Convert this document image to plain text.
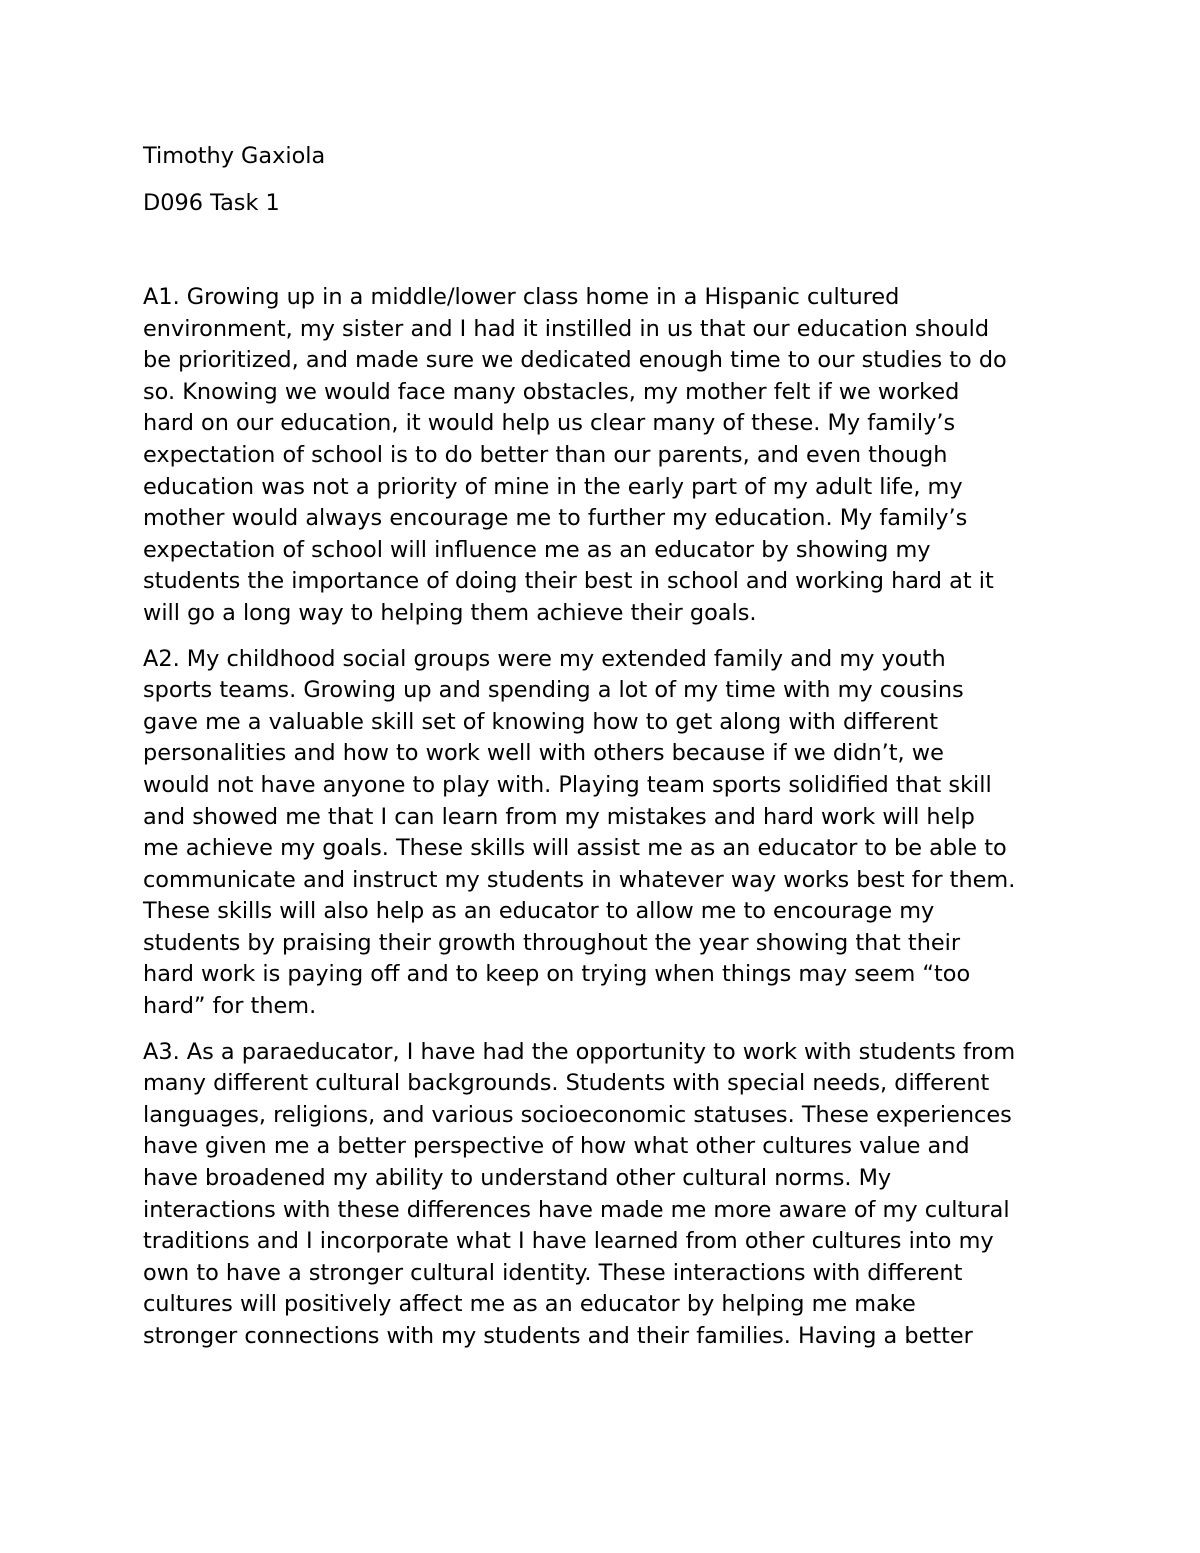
Timothy Gaxiola

D096 Task 1

A1. Growing up in a middle/lower class home in a Hispanic cultured
environment, my sister and I had it instilled in us that our education should
be prioritized, and made sure we dedicated enough time to our studies to do
so. Knowing we would face many obstacles, my mother felt if we worked
hard on our education, it would help us clear many of these. My family’s
expectation of school is to do better than our parents, and even though
education was not a priority of mine in the early part of my adult life, my
mother would always encourage me to further my education. My family’s
expectation of school will influence me as an educator by showing my
students the importance of doing their best in school and working hard at it
will go a long way to helping them achieve their goals.

A2. My childhood social groups were my extended family and my youth
sports teams. Growing up and spending a lot of my time with my cousins
gave me a valuable skill set of knowing how to get along with different
personalities and how to work well with others because if we didn’t, we
would not have anyone to play with. Playing team sports solidified that skill
and showed me that I can learn from my mistakes and hard work will help
me achieve my goals. These skills will assist me as an educator to be able to
communicate and instruct my students in whatever way works best for them.
These skills will also help as an educator to allow me to encourage my
students by praising their growth throughout the year showing that their
hard work is paying off and to keep on trying when things may seem “too
hard” for them.

A3. As a paraeducator, I have had the opportunity to work with students from
many different cultural backgrounds. Students with special needs, different
languages, religions, and various socioeconomic statuses. These experiences
have given me a better perspective of how what other cultures value and
have broadened my ability to understand other cultural norms. My
interactions with these differences have made me more aware of my cultural
traditions and I incorporate what I have learned from other cultures into my
own to have a stronger cultural identity. These interactions with different
cultures will positively affect me as an educator by helping me make
stronger connections with my students and their families. Having a better
